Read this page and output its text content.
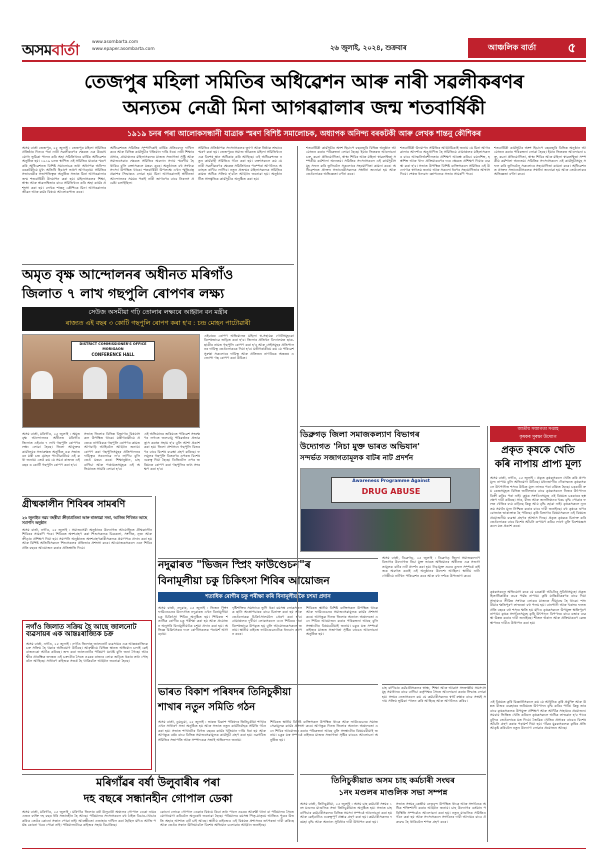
অসমবাৰ্তা	www.asombarta.com
www.epaper.asombarta.com	২৬ জুলাই, ২০২৪, শুক্ৰবাৰ	আঞ্চলিক বাৰ্তা ৫
তেজপুৰ মহিলা সমিতিৰ অধিৱেশন আৰু নাৰী সৱলীকৰণৰ
অন্যতম নেত্ৰী মিনা আগৰৱালাৰ জন্ম শতবাৰ্ষিকী
১৯১৯ চনৰ পৰা আলোকসন্ধানী যাত্ৰাক স্মৰণ বিশিষ্ট সমালোচক, অধ্যাপক অনিন্দ্য বৰকটকী আৰু লেখক শান্তনু কৌশিকৰ
অসম বাৰ্তা তেজপুৰ, ২৫ জুলাই : তেজপুৰ মহিলা সমিতিৰ প্ৰতিষ্ঠাৰ দিনৰে পৰা নাৰী সৱলীকৰণৰ ক্ষেত্ৰত এক উল্লেখযোগ্য ভূমিকা পালন কৰি অহা সমিতিখনৰ বাৰ্ষিক অধিৱেশন অনুষ্ঠিত হয়। ১৯১৯ চনত স্থাপিত এই সমিতিৰ যাত্ৰাক স্মৰণ কৰি অধিৱেশনত বিশিষ্ট সমালোচক তথা অধ্যাপক অনিন্দ্য বৰকটকীয়ে মুখ্য অতিথি হিচাপে ভাষণ আগবঢ়ায়। সমিতিৰ সভানেত্ৰীৰ সভাপতিত্বত অনুষ্ঠিত সভাত মিনা আগৰৱালাৰ জন্ম শতবাৰ্ষিকী উদযাপন কৰা হয়। মহিলাসকলৰ শিক্ষা, স্বাস্থ্য আৰু স্বাৱলম্বিতাৰ বাবে সমিতিখনে কৰি অহা কাৰ্যৰ প্ৰশংসা কৰা হয়। লেখক শান্তনু কৌশিকে মিনা আগৰৱালাৰ জীৱন আৰু কৰ্মৰ বিষয়ে আলোকপাত কৰে।
অধিৱেশনত সমিতিৰ সম্পাদিকাই বাৰ্ষিক প্ৰতিবেদন দাখিল কৰে আৰু বিভিন্ন কাৰ্যসূচীৰ খতিয়ান দাঙি ধৰে। নাৰী শিক্ষাৰ প্ৰসাৰ, গ্ৰামাঞ্চলৰ মহিলাসকলৰ মাজত সজাগতা সৃষ্টি আৰু সমাজসেৱাৰ ক্ষেত্ৰত সমিতিৰ অৱদান সদায় স্মৰণীয় হৈ থাকিব বুলি বক্তাসকলে মন্তব্য কৰে। অনুষ্ঠানত বহু সংখ্যক সদস্যা উপস্থিত থাকে। শতবাৰ্ষিকী উপলক্ষে এখন স্মৃতিগ্ৰন্থ প্ৰকাশৰ সিদ্ধান্তও লোৱা হয়। মিনা আগৰৱালাই স্বাধীনতা আন্দোলনৰ সময়ৰ পৰাই নাৰী জাগৰণৰ বাবে নিৰলস প্ৰচেষ্টা চলাইছিল।
সমিতিৰ প্ৰতিষ্ঠাপক সদস্যাসকলৰ ত্যাগ আৰু নিষ্ঠাক শ্ৰদ্ধাৰে স্মৰণ কৰা হয়। তেজপুৰৰ সমাজ জীৱনত মহিলা সমিতিখনে এক বিশেষ স্থান অধিকাৰ কৰি আহিছে। এই অধিৱেশনত নতুন কাৰ্যবাহী সমিতিও গঠন কৰা হয়। বক্তাসকলে কয় যে নাৰী সৱলীকৰণৰ ক্ষেত্ৰত সমিতিখনৰ পৰম্পৰা আগলৈও অব্যাহত ৰাখিব লাগিব। নতুন প্ৰজন্মৰ মহিলাসকলক সমিতিৰ কামত অধিক সক্ৰিয় হ'বলৈ আহ্বান জনোৱা হয়। অনুষ্ঠানটিত সাংস্কৃতিক কাৰ্যসূচীও অনুষ্ঠিত কৰা হয়।
শতবাৰ্ষিকী কাৰ্যসূচীৰ অংশ হিচাপে বছৰজুৰি বিভিন্ন অনুষ্ঠান আয়োজন কৰাৰ পৰিকল্পনা লোৱা হৈছে। ইয়াৰ ভিতৰত আলোচনা চক্ৰ, ৰচনা প্ৰতিযোগিতা, স্বাস্থ্য শিবিৰ আৰু মহিলা স্বাৱলম্বিতা সম্পৰ্কীয় কৰ্মশালা অন্যতম। সমিতিৰ সদস্যাসকলে এই কাৰ্যসূচীসমূহ সফল কৰি তুলিবলৈ সকলোৰে সহযোগিতা কামনা কৰে। অধিৱেশনত প্ৰাক্তন সভানেত্ৰীসকলক সম্বৰ্ধনা জনোৱা হয় আৰু তেওঁলোকৰ অভিজ্ঞতা বৰ্ণনা কৰে।
শতবাৰ্ষিকী উদযাপন সমিতিৰ আহ্বায়িকাই জনায় যে মিনা আগৰৱালাৰ আদৰ্শৰে অনুপ্ৰাণিত হৈ সমিতিয়ে গ্ৰামাঞ্চলৰ মহিলাসকলৰ বাবে আত্মনিৰ্ভৰশীলতাৰ প্ৰশিক্ষণ আৰম্ভ কৰিব। বয়নশিল্প, হস্তশিল্প আৰু খাদ্য প্ৰক্ৰিয়াকৰণৰ দৰে ক্ষেত্ৰত প্ৰশিক্ষণ দিয়াৰ ব্যৱস্থা কৰা হ'ব। সভাত উপস্থিত বিশিষ্ট ব্যক্তিসকলে সমিতিৰ এই উদ্যোগক স্বাগতম জনায় আৰু সকলো ধৰণৰ সহযোগিতাৰ আশ্বাস দিয়ে। শেষত ধন্যবাদ জ্ঞাপনেৰে সভাৰ সামৰণি পৰে।
শতবাৰ্ষিকী কাৰ্যসূচীৰ অংশ হিচাপে বছৰজুৰি বিভিন্ন অনুষ্ঠান আয়োজন কৰাৰ পৰিকল্পনা লোৱা হৈছে। ইয়াৰ ভিতৰত আলোচনা চক্ৰ, ৰচনা প্ৰতিযোগিতা, স্বাস্থ্য শিবিৰ আৰু মহিলা স্বাৱলম্বিতা সম্পৰ্কীয় কৰ্মশালা অন্যতম। সমিতিৰ সদস্যাসকলে এই কাৰ্যসূচীসমূহ সফল কৰি তুলিবলৈ সকলোৰে সহযোগিতা কামনা কৰে। অধিৱেশনত প্ৰাক্তন সভানেত্ৰীসকলক সম্বৰ্ধনা জনোৱা হয় আৰু তেওঁলোকৰ অভিজ্ঞতা বৰ্ণনা কৰে।
অমৃত বৃক্ষ আন্দোলনৰ অধীনত মৰিগাঁও
জিলাত ৭ লাখ গছপুলি ৰোপণৰ লক্ষ্য
সেউজ অসমীয়া গঢ়ি তোলাৰ লক্ষ্যৰে আহ্বান বন মন্ত্ৰীৰ
ৰাজ্যত এই বছৰ ৩ কোটি গছপুলি ৰোপণ কৰা হ'ব : চন্দ্ৰ মোহন পাটোৱাৰী
DISTRICT COMMISSIONER'S OFFICE
MORIGAON
CONFERENCE HALL
অসম বাৰ্তা, মৰিগাঁও, ২৫ জুলাই : অমৃত বৃক্ষ আন্দোলনৰ অধীনত মৰিগাঁও জিলাত এইবাৰ ৭ লাখ গছপুলি ৰোপণৰ লক্ষ্য লোৱা হৈছে। জিলা আয়ুক্তৰ কাৰ্যালয়ৰ সভাকক্ষত অনুষ্ঠিত এক সভাত বন মন্ত্ৰী চন্দ্ৰ মোহন পাটোৱাৰীয়ে এই কথা জনায়। তেওঁ কয় যে সমগ্ৰ ৰাজ্যত এই বছৰ ৩ কোটি গছপুলি ৰোপণ কৰা হ'ব।
সভাত জিলাৰ বিভিন্ন বিভাগৰ বিষয়াসকল উপস্থিত থাকে। মন্ত্ৰীগৰাকীয়ে প্ৰত্যেক নাগৰিকক গছপুলি ৰোপণৰ কামত আগবাঢ়ি আহিবলৈ আহ্বান জনায়। ৰোপণ কৰা গছপুলিসমূহৰ প্ৰতিপালনৰ দায়িত্বও সকলোৱে ল'ব লাগিব বুলি তেওঁ মন্তব্য কৰে। শিক্ষানুষ্ঠান, চাহ বাগিচা আৰু পঞ্চায়তসমূহক এই অভিযানত সামৰি লোৱা হ'ব।
এই অভিযানৰ জৰিয়তে পৰিৱেশ সংৰক্ষণৰ লগতে জলবায়ু পৰিৱৰ্তনৰ প্ৰভাৱ হ্ৰাস কৰাত সহায় হ'ব বুলি আশা প্ৰকাশ কৰা হয়। জিলা প্ৰশাসনে গছপুলি বিতৰণৰ বাবে বিশেষ ব্যৱস্থা গ্ৰহণ কৰিছে। ফলমূলৰ গছপুলি বিতৰণৰ ওপৰত বিশেষ গুৰুত্ব দিয়া হৈছে। ডিজিটেল এপৰ জৰিয়তে ৰোপণ কৰা গছপুলিৰ তথ্য সংৰক্ষণ কৰা হ'ব।
এইবাৰৰ ৰোপণ অভিযানত মহিলা স্ব-সহায়ক গোটসমূহকো বিশেষভাৱে জড়িত কৰা হ'ব। জিলাৰ প্ৰতিখন বিদ্যালয়ত ছাত্ৰ-ছাত্ৰীৰ নামত গছপুলি ৰোপণ কৰা হ'ব আৰু সেইসমূহৰ প্ৰতিপালনৰ দায়িত্ব তেওঁলোককে দিয়া হ'ব। মন্ত্ৰীগৰাকীয়ে কয় যে পৰিৱেশ সুৰক্ষা সকলোৰে দায়িত্ব আৰু প্ৰতিজন নাগৰিকে অন্ততঃ এজোপা গছ ৰোপণ কৰা উচিত।
গ্ৰীষ্মকালীন শিবিৰৰ সামৰণি
২৬ জুলাইত নৱম বছৰীয়া ক্ৰীড়াপ্ৰতিভা আৰু ৰাজহুৱা সভা, আজিৰ শিবিৰত আছে সমাপনি অনুষ্ঠান
অসম বাৰ্তা, নগাঁও, ২৫ জুলাই : সমাজসেৱী অনুষ্ঠানৰ উদ্যোগত আয়োজিত গ্ৰীষ্মকালীন শিবিৰৰ সামৰণি পৰে। শিবিৰত অংশগ্ৰহণ কৰা শিশুসকলক চিত্ৰকলা, সংগীত, নৃত্য আৰু ক্ৰীড়াৰ প্ৰশিক্ষণ দিয়া হয়। সমাপনি অনুষ্ঠানত অংশগ্ৰহণকাৰীসকলক প্ৰমাণপত্ৰ প্ৰদান কৰা হয় আৰু বিশিষ্ট অতিথিসকলে শিশুসকলৰ প্ৰতিভাৰ প্ৰশংসা কৰে। আয়োজকসকলে এনে শিবিৰ প্ৰতি বছৰে আয়োজন কৰাৰ প্ৰতিশ্ৰুতি দিয়ে।
নগাঁও জিলাত সক্ৰিয় হৈ আছে জালনোট
ব্যৱসায়ৰ এক আন্তঃৰাজ্যিক চক্ৰ
অসম বাৰ্তা, নগাঁও, ২৫ জুলাই : নগাঁও জিলাত জালনোট ব্যৱসায়ৰ এক আন্তঃৰাজ্যিক চক্ৰ সক্ৰিয় হৈ থকাৰ অভিযোগ উঠিছে। আৰক্ষীয়ে বিভিন্ন স্থানত অভিযান চলাই কেইবাজনকো আটক কৰিছে। জব্দ কৰা জালনোটৰ পৰিমাণ যথেষ্ট বুলি জনা গৈছে। আৰক্ষীৰ প্ৰাৰম্ভিক তদন্তত এই চক্ৰটোৰ সৈতে ওচৰৰ ৰাজ্যৰ লোক জড়িত থকাৰ তথ্য পোহৰলৈ আহিছে। সাধাৰণ ৰাইজক সতৰ্ক হৈ থাকিবলৈ আহ্বান জনোৱা হৈছে।
নদুৱাৰত "ভিজন স্প্ৰিং ফাউণ্ডেচন"ৰ
বিনামূলীয়া চকু চিকিৎসা শিবিৰ আয়োজন
শতাধিক ৰোগীৰ চকু পৰীক্ষা কৰি বিনামূলীয়াকৈ চশমা প্ৰদান
অসম বাৰ্তা, নদুৱাৰ, ২৫ জুলাই : ভিজন স্প্ৰিং ফাউণ্ডেচনৰ উদ্যোগত নদুৱাৰত এখন বিনামূলীয়া চকু চিকিৎসা শিবিৰ অনুষ্ঠিত হয়। শিবিৰত শতাধিক ৰোগীৰ চকু পৰীক্ষা কৰা হয় আৰু প্ৰয়োজন অনুসৰি বিনামূলীয়াকৈ চশমা প্ৰদান কৰা হয়। অভিজ্ঞ চিকিৎসকৰ দলে ৰোগীসকলক পৰামৰ্শ আগবঢ়ায়।
দৃষ্টিশক্তিৰ সমস্যাৰে ভুগি থকা বয়সস্থ লোকসকলক ছানি অস্ত্ৰোপচাৰৰ বাবে চিনাক্ত কৰা হয় আৰু তেওঁলোকক চিকিৎসালয়লৈ প্ৰেৰণ কৰা হ'ব। গ্ৰামাঞ্চলৰ দুখীয়া লোকসকলে এনে শিবিৰৰ পৰা বিশেষভাৱে উপকৃত হয় বুলি আয়োজকসকলে জনায়। স্থানীয় ৰাইজে ফাউণ্ডেচনটোক ধন্যবাদ জ্ঞাপন কৰে।
শিবিৰত স্থানীয় বিশিষ্ট ব্যক্তিসকল উপস্থিত থাকে আৰু ফাউণ্ডেচনৰ সমাজসেৱামূলক কাৰ্যৰ প্ৰশংসা কৰে। আগন্তুক দিনত জিলাৰ অন্যান্য অঞ্চলতো এনে শিবিৰ আয়োজন কৰাৰ পৰিকল্পনা আছে বুলি সংস্থাটোৰ বিষয়ববীয়াই জনায়। চকুৰ যত্ন সম্পৰ্কে ৰাইজৰ মাজত সজাগতা সৃষ্টিৰ বাবেও আলোচনা অনুষ্ঠিত হয়।
ভাৰত বিকাশ পৰিষদৰ তিনিচুকীয়া
শাখাৰ নতুন সমিতি গঠন
অসম বাৰ্তা, ডুমডুমা, ২৫ জুলাই : ভাৰত বিকাশ পৰিষদৰ তিনিচুকীয়া শাখাৰ এখন সাধাৰণ সভা অনুষ্ঠিত হয় আৰু সভাত নতুন কাৰ্যনিৰ্বাহক সমিতি গঠন কৰা হয়। সভাত শাখাটোৰ বিগত বছৰৰ কাৰ্যৰ খতিয়ান দাঙি ধৰা হয় আৰু আগন্তুক বৰ্ষৰ বাবে বিভিন্ন সমাজসেৱামূলক কাৰ্যসূচী গ্ৰহণ কৰা হয়। নৱগঠিত সমিতিৰ সভাপতি আৰু সম্পাদকক সভাই অভিনন্দন জনায়।
শিবিৰত স্থানীয় বিশিষ্ট ব্যক্তিসকল উপস্থিত থাকে আৰু ফাউণ্ডেচনৰ সমাজসেৱামূলক কাৰ্যৰ প্ৰশংসা কৰে। আগন্তুক দিনত জিলাৰ অন্যান্য অঞ্চলতো এনে শিবিৰ আয়োজন কৰাৰ পৰিকল্পনা আছে বুলি সংস্থাটোৰ বিষয়ববীয়াই জনায়। চকুৰ যত্ন সম্পৰ্কে ৰাইজৰ মাজত সজাগতা সৃষ্টিৰ বাবেও আলোচনা অনুষ্ঠিত হয়।
ডিব্ৰুগড় জিলা সমাজকল্যাণ বিভাগৰ
উদ্যোগত 'নিচা মুক্ত ভাৰত অভিযান'
সন্দৰ্ভত সজাগতামূলক বাটৰ নাট প্ৰদৰ্শন
Awareness Programme Against
DRUG ABUSE
অসম বাৰ্তা, ডিব্ৰুগড়, ২৫ জুলাই : ডিব্ৰুগড় জিলা সমাজকল্যাণ বিভাগৰ উদ্যোগত নিচা মুক্ত ভাৰত অভিযানৰ অধীনত এক সজাগতামূলক বাটৰ নাট প্ৰদৰ্শন কৰা হয়। নিচাযুক্ত দ্ৰব্যৰ কুফল সম্পৰ্কে ৰাইজক অৱগত কৰাই এই অনুষ্ঠানৰ উদ্দেশ্য আছিল। স্থানীয় নাট্যগোষ্ঠীয়ে নাটখন পৰিৱেশন কৰে আৰু বহু দৰ্শকে উপভোগ কৰে।
জাতীয় সজাগতা সপ্তাহ
কৃষকৰ সুৰক্ষা উদ্যোগ
প্ৰকৃত কৃষকে খেতি
কৰি নাপায় প্ৰাপ্য মূল্য
অসম বাৰ্তা, নগাঁও, ২৫ জুলাই : প্ৰকৃত কৃষকসকলে খেতি কৰি প্ৰাপ্য মূল্য নাপায় বুলি অভিযোগ উঠিছে। মধ্যভোগীৰ দৌৰাত্ম্যত কৃষকসকলে উৎপাদিত শস্যৰ উচিত মূল্য লাভৰ পৰা বঞ্চিত হৈছে। চৰকাৰী ক্ৰয় কেন্দ্ৰসমূহত বিভিন্ন জটিলতাৰ বাবে কৃষকসকলে নিজৰ উৎপাদন বিক্ৰী কৰিব পৰা নাই। কৃষক সংগঠনসমূহে এই বিষয়ত চৰকাৰৰ হস্তক্ষেপ দাবী কৰিছে। সাৰ, বীজ আৰু জলসিঞ্চনৰ খৰচ বৃদ্ধি পোৱাৰ ফলত খেতিৰ ব্যয় বাঢ়িছে কিন্তু আয় বৃদ্ধি হোৱা নাই। কৃষকসকলে ন্যূনতম সমৰ্থন মূল্য নিশ্চিত কৰাৰ বাবে দাবী জনাইছে। বহু কৃষকে ঋণৰ বোজাত ভাৰাক্ৰান্ত হৈ পৰিছে। কৃষি বিভাগৰ বিষয়াসকলে এই বিষয়ত প্ৰয়োজনীয় ব্যৱস্থা গ্ৰহণৰ আশ্বাস দিছে। প্ৰকৃত কৃষকক চিনাক্ত কৰি তেওঁলোকৰ বাবে বিশেষ আঁচনি ৰূপায়ণ কৰিব লাগে বুলি বিশেষজ্ঞসকলে মত প্ৰকাশ কৰে।
কৃষকসকলে অভিযোগ কৰে যে চৰকাৰী আঁচনিৰ সুবিধাসমূহো প্ৰকৃত হিতাধিকাৰীৰ ওচৰ পৰ্যন্ত নাপায়। কৃষি যান্ত্ৰিকীকৰণৰ বাবে দিয়া সাহায্যও সীমিত সংখ্যক লোকৰ মাজতে সীমাবদ্ধ হৈ থাকে। শস্য বীমাৰ ক্ষতিপূৰণ লাভতো বহু পলম হয়। বানপানী আৰু খৰাংৰ ফলত প্ৰতি বছৰে বহু শস্যৰ ক্ষতি হয় যদিও কৃষকসকলে উপযুক্ত ক্ষতিপূৰণ নাপায়। কৃষক সংগঠনসমূহে কৃষি উৎপাদন বিপণনৰ বাবে বজাৰ ব্যৱস্থা উন্নত কৰাৰ দাবী জনাইছে। শীতল ভঁৰাল আৰু প্ৰক্ৰিয়াকৰণ কেন্দ্ৰ স্থাপনৰ দাবীও উত্থাপন কৰা হয়।
এই বিষয়ত কৃষি বিজ্ঞানীসকলে কয় যে আধুনিক কৃষি প্ৰযুক্তি আৰু উন্নত বীজৰ ব্যৱহাৰৰ জৰিয়তে উৎপাদন বৃদ্ধি কৰিব পাৰি। কিন্তু তাৰ বাবে কৃষকসকলক উপযুক্ত প্ৰশিক্ষণ আৰু আৰ্থিক সাহায্যৰ প্ৰয়োজন। সমবায় ভিত্তিত খেতি কৰিলে কৃষকসকলে অধিক লাভৱান হ'ব পাৰে বুলিও তেওঁলোকে মত দিয়ে। জৈৱিক খেতিৰ প্ৰসাৰৰ বাবেও বিশেষ আঁচনি গ্ৰহণ কৰাৰ পৰামৰ্শ দিয়া হয়। গাঁৱৰ যুৱকসকলক কৃষিৰ প্ৰতি আকৃষ্ট কৰিবলৈ নতুন উদ্যোগ লোৱাৰ প্ৰয়োজন আছে।
চাহ বাগিচাৰ কৰ্মচাৰীসকলৰ স্বাস্থ্য, শিক্ষা আৰু আৱাস সংক্ৰান্তীয় সমস্যাসমূহ সমাধানৰ বাবে বাগিচা কৰ্তৃপক্ষৰ সৈতে আলোচনা কৰাৰ সিদ্ধান্ত লোৱা হয়। সংঘৰ নেতাসকলে কয় যে কৰ্মচাৰীসকলৰ স্বাৰ্থ ৰক্ষাৰ বাবে সংঘই সদায় সক্ৰিয় ভূমিকা পালন কৰি আহিছে আৰু আগলৈও কৰিব।
তিনিচুকীয়াত অসম চাহ কৰ্মচাৰী সংঘৰ
১নং মণ্ডলৰ মাণ্ডলিক সভা সম্পন্ন
অসম বাৰ্তা, তিনিচুকীয়া, ২৫ জুলাই : অসম চাহ কৰ্মচাৰী সংঘৰ ১নং মণ্ডলৰ মাণ্ডলিক সভা তিনিচুকীয়াত অনুষ্ঠিত হয়। সভাত চাহ বাগিচাৰ কৰ্মচাৰীসকলৰ বিভিন্ন সমস্যা সম্পৰ্কে আলোচনা কৰা হয় আৰু কেইবাটাও গুৰুত্বপূৰ্ণ প্ৰস্তাৱ গ্ৰহণ কৰা হয়। কৰ্মচাৰীসকলৰ দৰমহা বৃদ্ধি আৰু অন্যান্য সুবিধাৰ দাবী উত্থাপন কৰা হয়।
সভাত সংঘৰ কেন্দ্ৰীয় নেতৃবৃন্দ উপস্থিত থাকে আৰু সংগঠনক অধিক শক্তিশালী কৰাৰ আহ্বান জনায়। চাহ উদ্যোগৰ বৰ্তমান পৰিস্থিতি সম্পৰ্কেও আলোচনা কৰা হয়। নতুন মাণ্ডলিক সমিতিও গঠন কৰা হয় আৰু সদস্যসকলে সংগঠনৰ দাবী আদায়ৰ বাবে ঐক্যবদ্ধ হৈ থাকিবলৈ শপত গ্ৰহণ কৰে।
মৰিগাঁৱৰ বৰ্ষা উলুবাৰীৰ পৰা
দহ বছৰে সন্ধানহীন গোপাল ডেকা
অসম বাৰ্তা, মৰিগাঁও, ২৫ জুলাই : মৰিগাঁও জিলাৰ বৰ্ষা উলুবাৰী অঞ্চলৰ গোপাল ডেকা নামৰ এজন ব্যক্তি দহ বছৰ ধৰি সন্ধানহীন হৈ আছে। পৰিয়ালৰ সদস্যসকলে বহু ঠাইত বিচাৰ-খোচাৰ কৰিও তেওঁৰ কোনো সন্ধান পোৱা নাই। আৰক্ষীতো এজাহাৰ দাখিল কৰা হৈছিল যদিও আজি পৰ্যন্ত কোনো খবৰ পোৱা নাই। পৰিয়ালটোৱে ৰাইজৰ সহায় বিচাৰিছে।
কোনো লোকে গোপাল ডেকাৰ বিষয়ে কিবা তথ্য পালে ওচৰৰ আৰক্ষী থানা বা পৰিয়ালৰ সৈতে যোগাযোগ কৰিবলৈ অনুৰোধ জনোৱা হৈছে। পৰিয়ালৰ বয়সস্থ পিতৃ-মাতৃয়ে আজিও পুত্ৰৰ উভতি অহাৰ আশাত বাট চাই আছে। স্থানীয় ৰাইজেও এই বিষয়ত প্ৰশাসনৰ তৎপৰতা দাবী কৰিছে আৰু তেওঁৰ সন্ধান উলিয়াবলৈ বিশেষ অভিযান চলোৱাৰ আহ্বান জনাইছে।
